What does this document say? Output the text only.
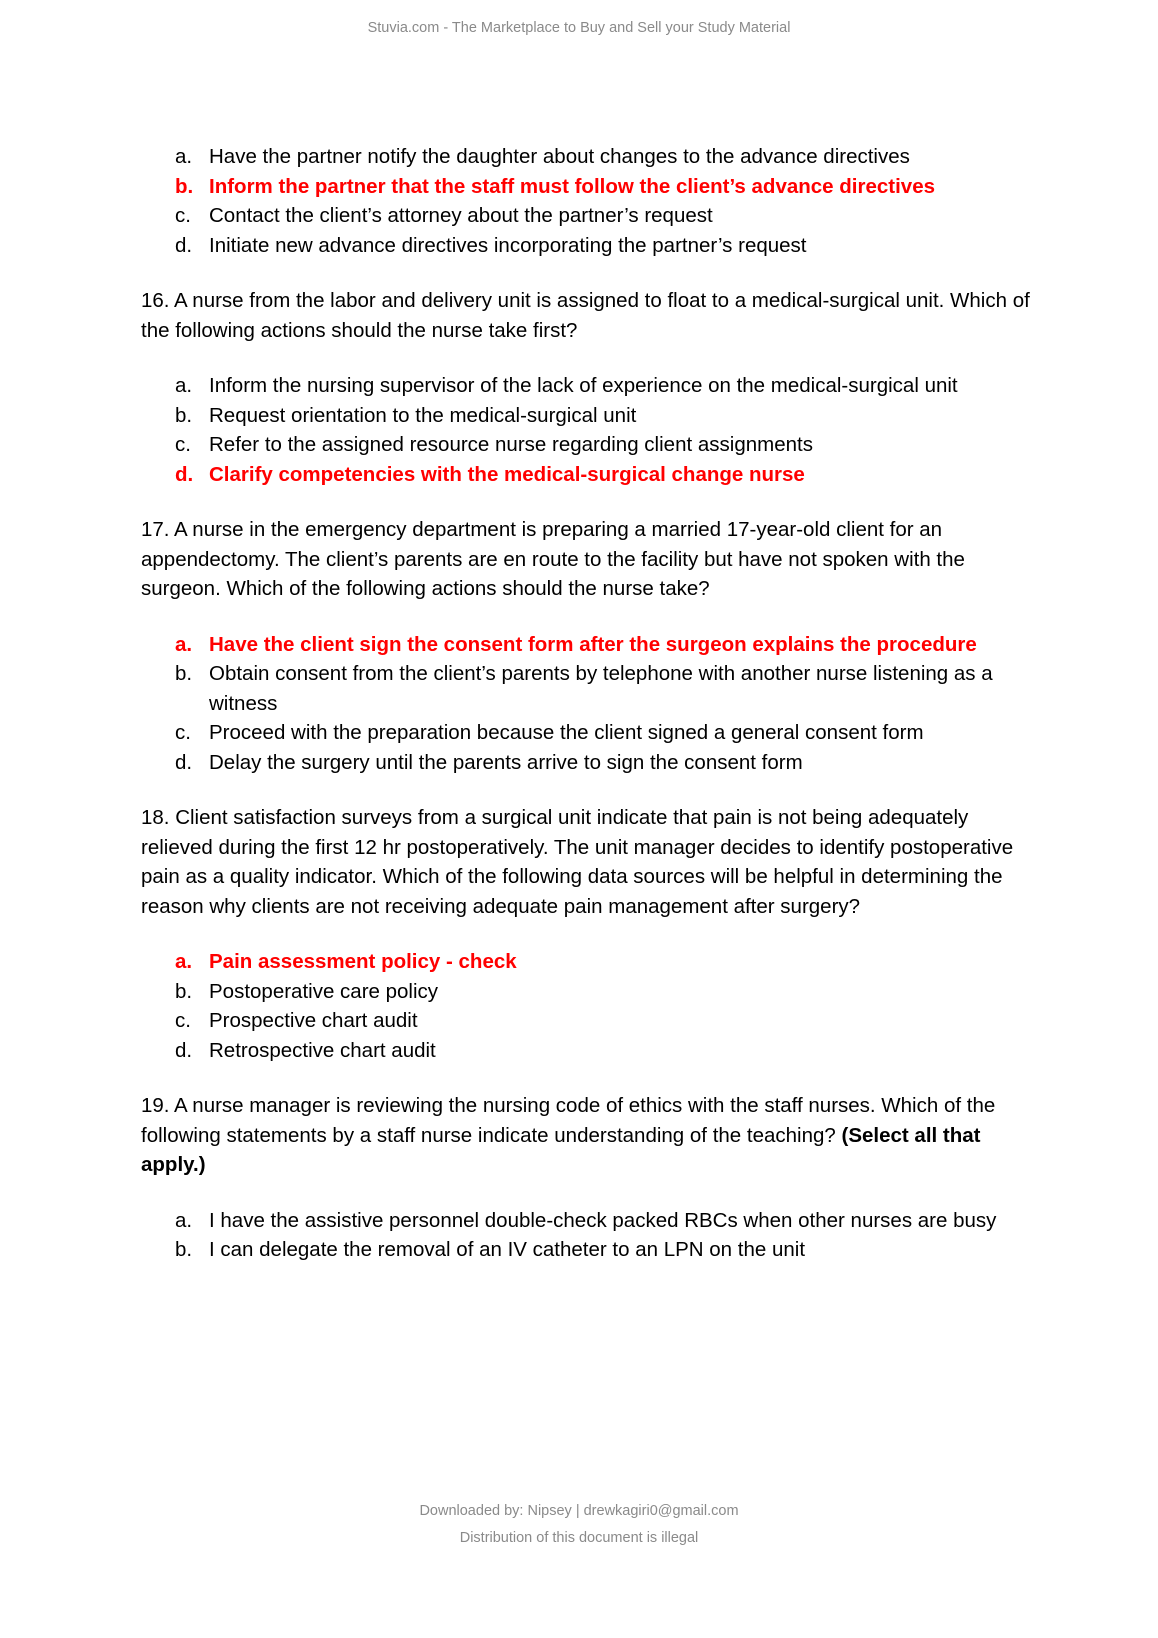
Stuvia.com - The Marketplace to Buy and Sell your Study Material
a. Have the partner notify the daughter about changes to the advance directives
b. Inform the partner that the staff must follow the client’s advance directives
c. Contact the client’s attorney about the partner’s request
d. Initiate new advance directives incorporating the partner’s request

16. A nurse from the labor and delivery unit is assigned to float to a medical-surgical unit. Which of the following actions should the nurse take first?

a. Inform the nursing supervisor of the lack of experience on the medical-surgical unit
b. Request orientation to the medical-surgical unit
c. Refer to the assigned resource nurse regarding client assignments
d. Clarify competencies with the medical-surgical change nurse

17. A nurse in the emergency department is preparing a married 17-year-old client for an appendectomy. The client’s parents are en route to the facility but have not spoken with the surgeon. Which of the following actions should the nurse take?

a. Have the client sign the consent form after the surgeon explains the procedure
b. Obtain consent from the client’s parents by telephone with another nurse listening as a witness
c. Proceed with the preparation because the client signed a general consent form
d. Delay the surgery until the parents arrive to sign the consent form

18. Client satisfaction surveys from a surgical unit indicate that pain is not being adequately relieved during the first 12 hr postoperatively. The unit manager decides to identify postoperative pain as a quality indicator. Which of the following data sources will be helpful in determining the reason why clients are not receiving adequate pain management after surgery?

a. Pain assessment policy - check
b. Postoperative care policy
c. Prospective chart audit
d. Retrospective chart audit

19. A nurse manager is reviewing the nursing code of ethics with the staff nurses. Which of the following statements by a staff nurse indicate understanding of the teaching? (Select all that apply.)

a. I have the assistive personnel double-check packed RBCs when other nurses are busy
b. I can delegate the removal of an IV catheter to an LPN on the unit
Downloaded by: Nipsey | drewkagiri0@gmail.com
Distribution of this document is illegal
